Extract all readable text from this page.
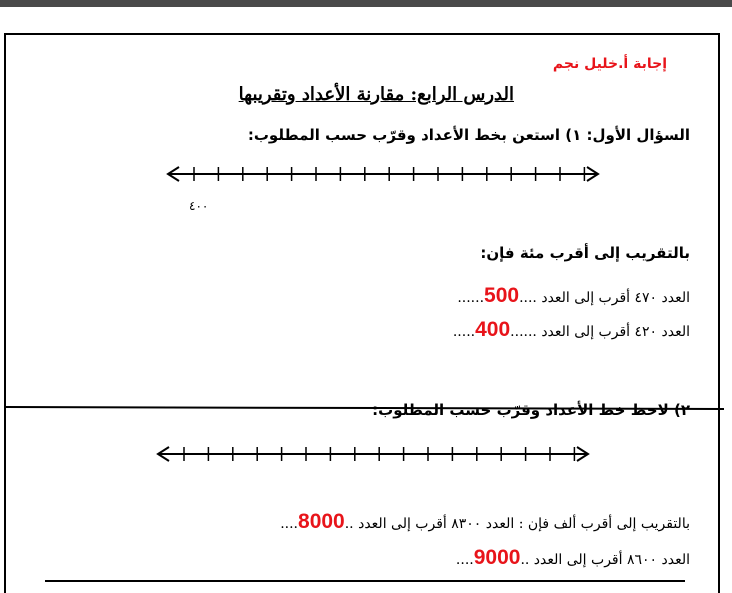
إجابة أ.خليل نجم
الدرس الرابع: مقارنة الأعداد وتقريبها
السؤال الأول: ١) استعن بخط الأعداد وقرّب حسب المطلوب:
٤٠٠
بالتقريب إلى أقرب مئة فإن:
العدد ٤٧٠ أقرب إلى العدد ....500......
العدد ٤٢٠ أقرب إلى العدد ......400.....
٢) لاحظ خط الأعداد وقرّب حسب المطلوب:
بالتقريب إلى أقرب ألف فإن : العدد ٨٣٠٠ أقرب إلى العدد ..8000....
العدد ٨٦٠٠ أقرب إلى العدد ..9000....
